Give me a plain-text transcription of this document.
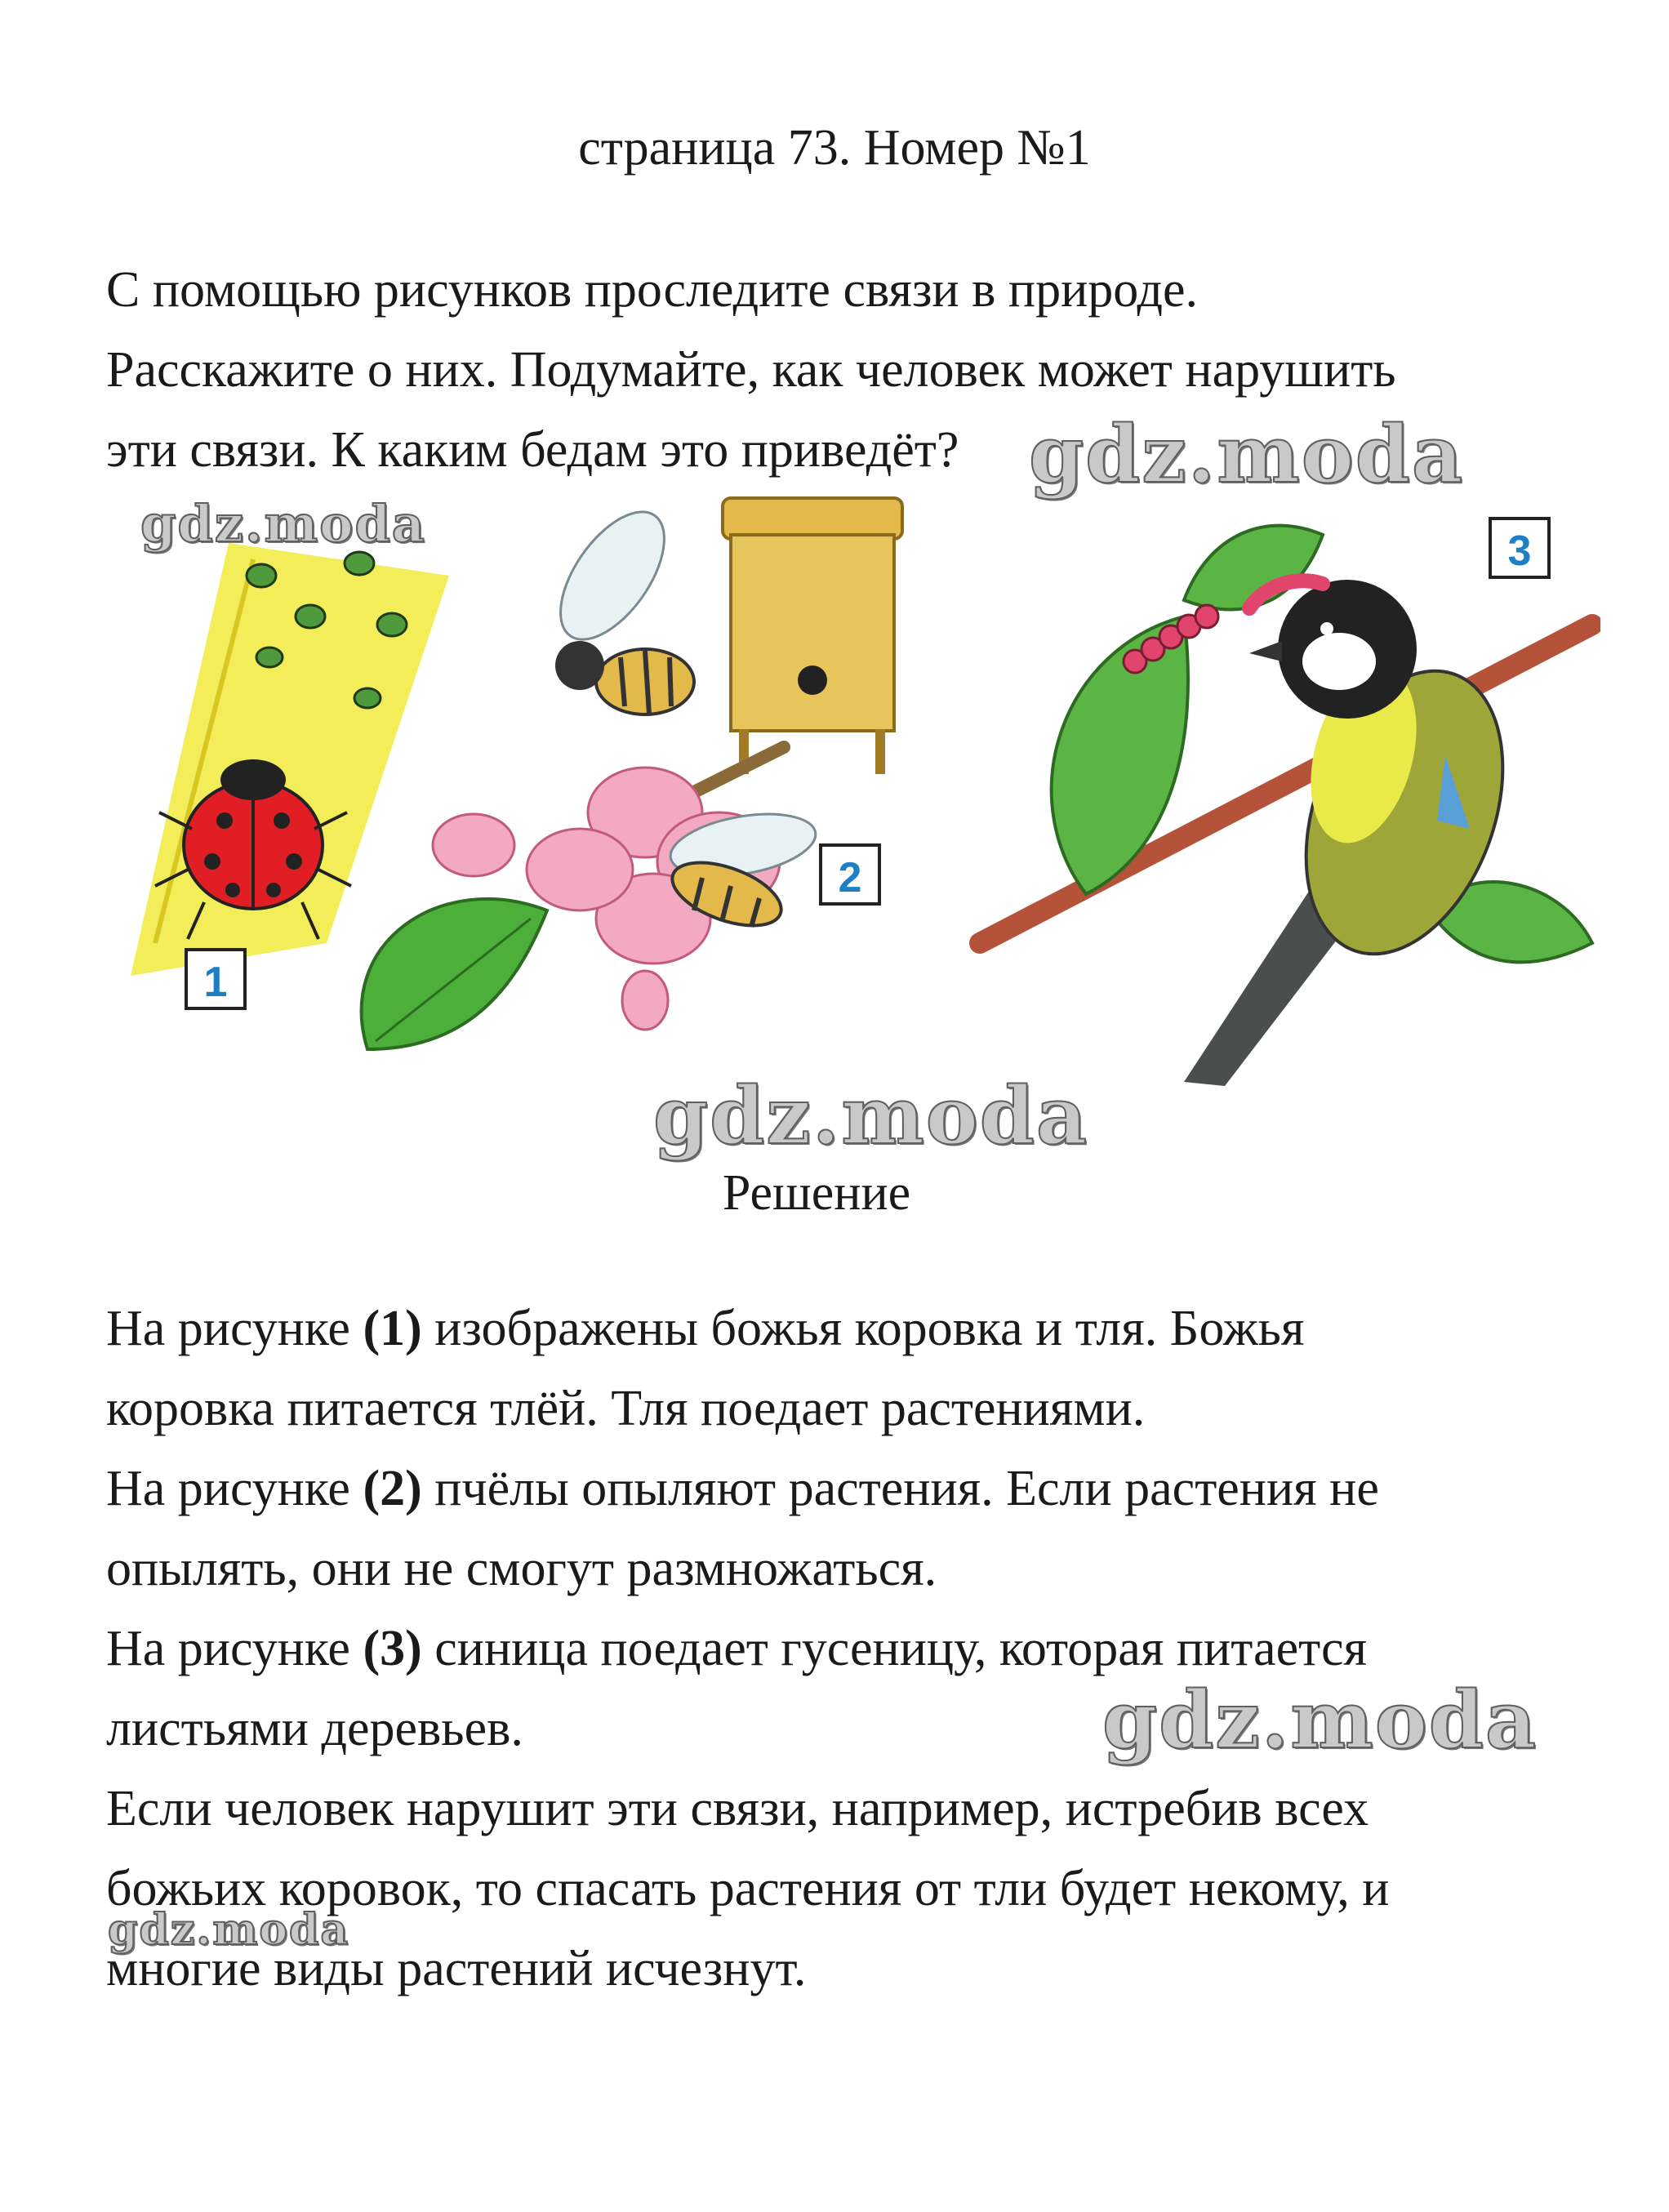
страница 73. Номер №1

С помощью рисунков проследите связи в природе.

Расскажите о них. Подумайте, как человек может нарушить

эти связи. К каким бедам это приведёт?

1
2
3
Решение

На рисунке (1) изображены божья коровка и тля. Божья

коровка питается тлёй. Тля поедает растениями.

На рисунке (2) пчёлы опыляют растения. Если растения не

опылять, они не смогут размножаться.

На рисунке (3) синица поедает гусеницу, которая питается

листьями деревьев.

Если человек нарушит эти связи, например, истребив всех

божьих коровок, то спасать растения от тли будет некому, и

многие виды растений исчезнут.

gdz.moda
gdz.moda
gdz.moda
gdz.moda
gdz.moda
